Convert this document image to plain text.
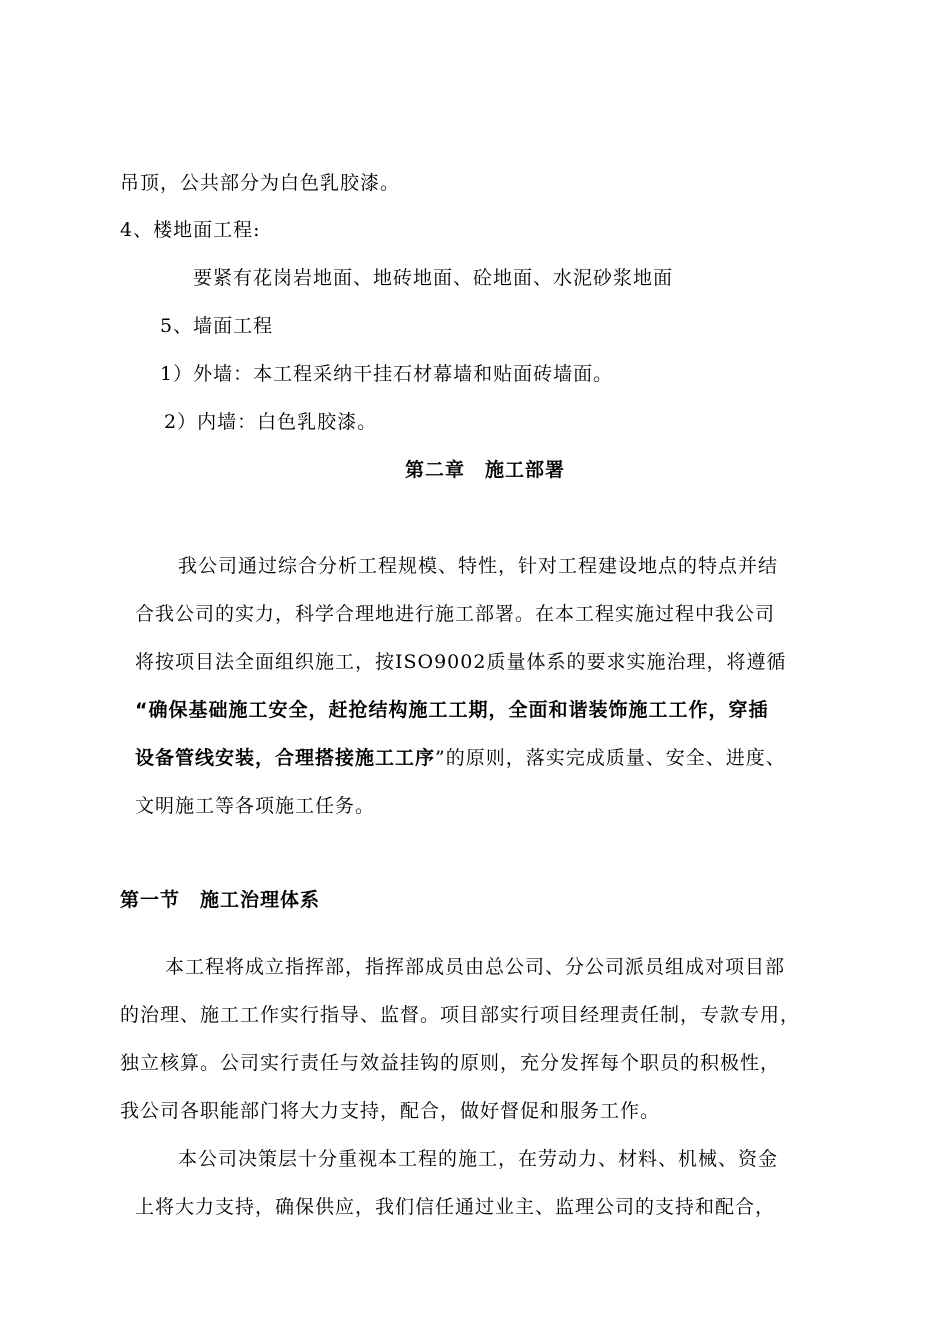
吊顶，公共部分为白色乳胶漆。

4、楼地面工程:

要紧有花岗岩地面、地砖地面、砼地面、水泥砂浆地面

5、墙面工程

1）外墙：本工程采纳干挂石材幕墙和贴面砖墙面。

2）内墙：白色乳胶漆。

第二章　施工部署

我公司通过综合分析工程规模、特性，针对工程建设地点的特点并结

合我公司的实力，科学合理地进行施工部署。在本工程实施过程中我公司

将按项目法全面组织施工，按ISO9002质量体系的要求实施治理，将遵循

“确保基础施工安全，赶抢结构施工工期，全面和谐装饰施工工作，穿插

设备管线安装，合理搭接施工工序”的原则，落实完成质量、安全、进度、

文明施工等各项施工任务。

第一节　施工治理体系

本工程将成立指挥部，指挥部成员由总公司、分公司派员组成对项目部

的治理、施工工作实行指导、监督。项目部实行项目经理责任制，专款专用，

独立核算。公司实行责任与效益挂钩的原则，充分发挥每个职员的积极性，

我公司各职能部门将大力支持，配合，做好督促和服务工作。

本公司决策层十分重视本工程的施工，在劳动力、材料、机械、资金

上将大力支持，确保供应，我们信任通过业主、监理公司的支持和配合，
